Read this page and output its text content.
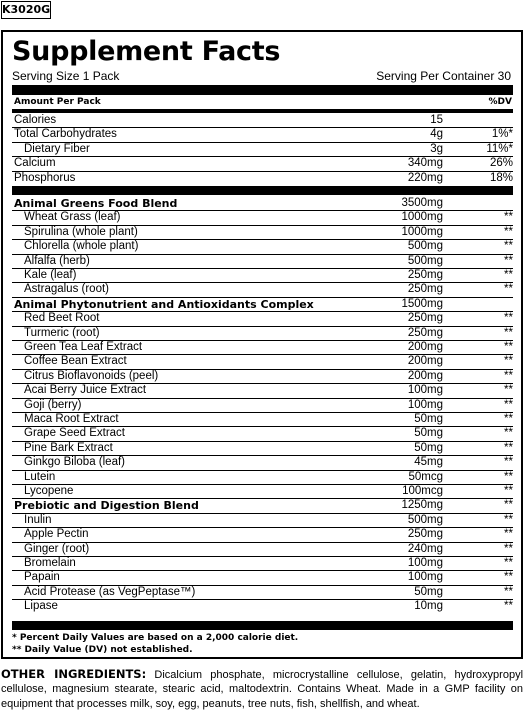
K3020G
Supplement Facts
Serving Size 1 Pack	Serving Per Container 30
Amount Per Pack	%DV
Calories	15
Total Carbohydrates	4g	1%*
Dietary Fiber	3g	11%*
Calcium	340mg	26%
Phosphorus	220mg	18%
Animal Greens Food Blend	3500mg
Wheat Grass (leaf)	1000mg	**
Spirulina (whole plant)	1000mg	**
Chlorella (whole plant)	500mg	**
Alfalfa (herb)	500mg	**
Kale (leaf)	250mg	**
Astragalus (root)	250mg	**
Animal Phytonutrient and Antioxidants Complex	1500mg
Red Beet Root	250mg	**
Turmeric (root)	250mg	**
Green Tea Leaf Extract	200mg	**
Coffee Bean Extract	200mg	**
Citrus Bioflavonoids (peel)	200mg	**
Acai Berry Juice Extract	100mg	**
Goji (berry)	100mg	**
Maca Root Extract	50mg	**
Grape Seed Extract	50mg	**
Pine Bark Extract	50mg	**
Ginkgo Biloba (leaf)	45mg	**
Lutein	50mcg	**
Lycopene	100mcg	**
Prebiotic and Digestion Blend	1250mg	**
Inulin	500mg	**
Apple Pectin	250mg	**
Ginger (root)	240mg	**
Bromelain	100mg	**
Papain	100mg	**
Acid Protease (as VegPeptase™)	50mg	**
Lipase	10mg	**
* Percent Daily Values are based on a 2,000 calorie diet.
** Daily Value (DV) not established.
OTHER INGREDIENTS: Dicalcium phosphate, microcrystalline cellulose, gelatin, hydroxypropyl cellulose, magnesium stearate, stearic acid, maltodextrin. Contains Wheat. Made in a GMP facility on equipment that processes milk, soy, egg, peanuts, tree nuts, fish, shellfish, and wheat.
